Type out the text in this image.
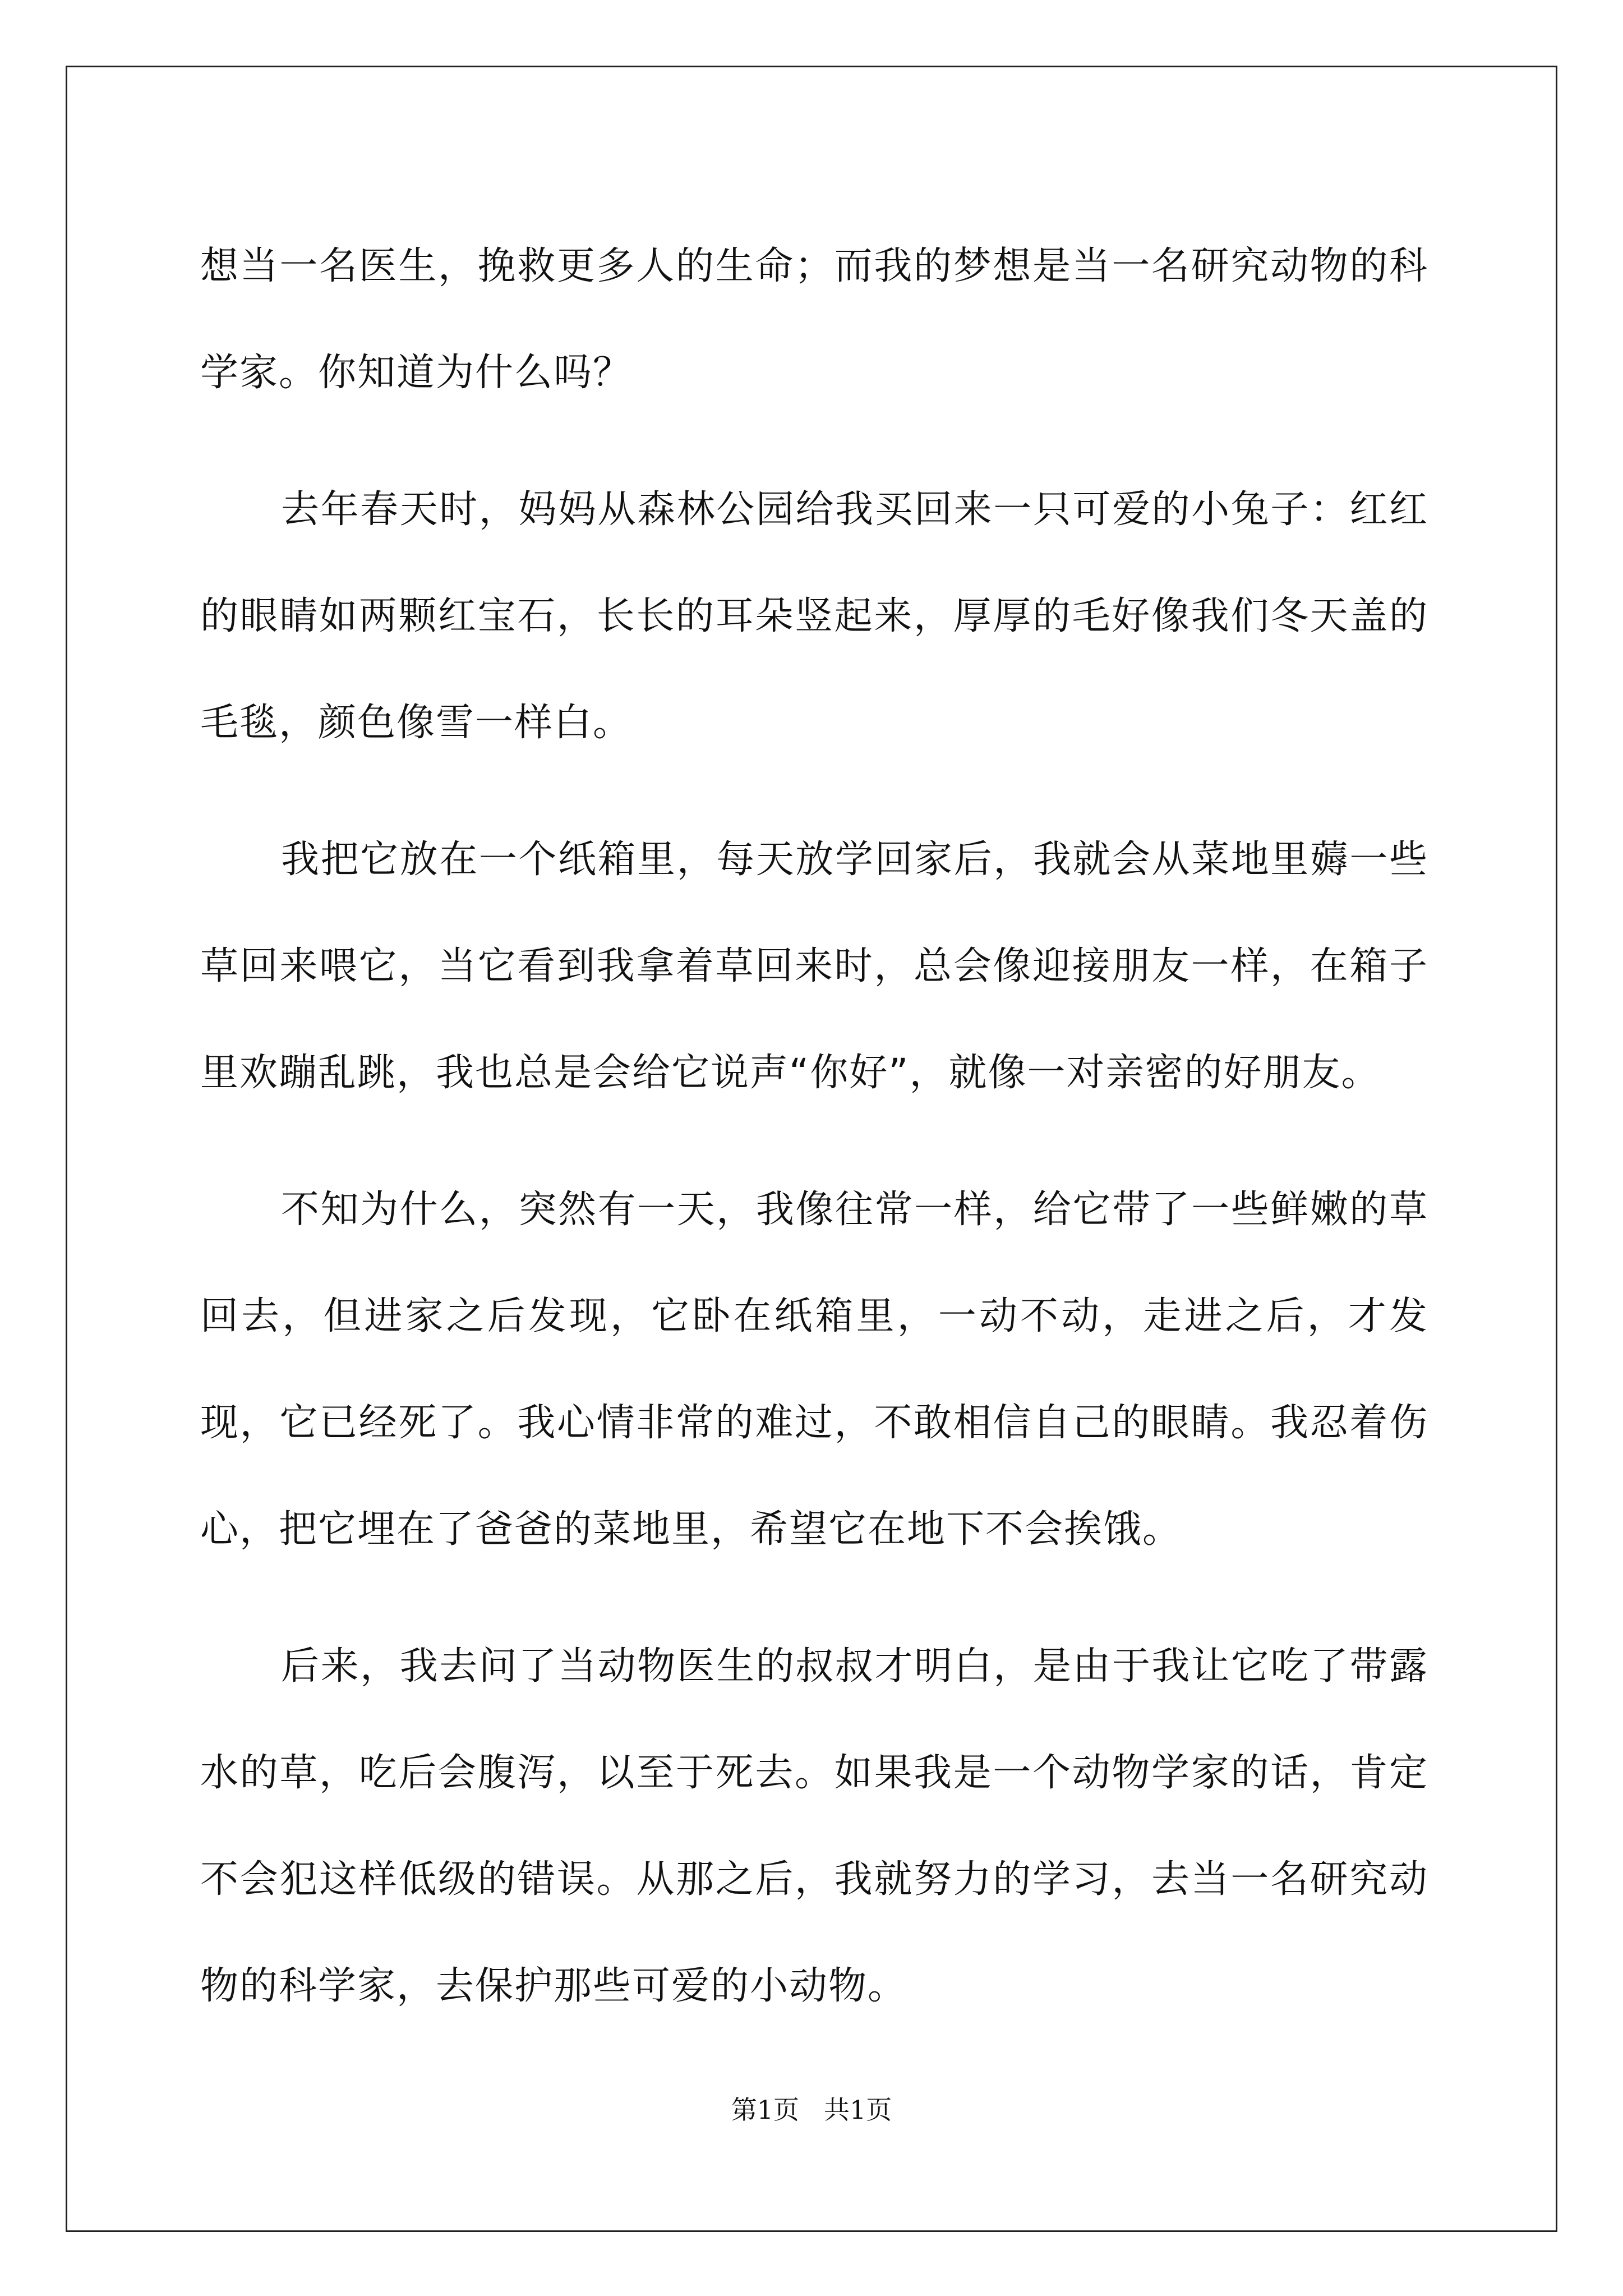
想当一名医生，挽救更多人的生命；而我的梦想是当一名研究动物的科学家。你知道为什么吗？

去年春天时，妈妈从森林公园给我买回来一只可爱的小兔子：红红的眼睛如两颗红宝石，长长的耳朵竖起来，厚厚的毛好像我们冬天盖的毛毯，颜色像雪一样白。

我把它放在一个纸箱里，每天放学回家后，我就会从菜地里薅一些草回来喂它，当它看到我拿着草回来时，总会像迎接朋友一样，在箱子里欢蹦乱跳，我也总是会给它说声“你好”，就像一对亲密的好朋友。

不知为什么，突然有一天，我像往常一样，给它带了一些鲜嫩的草回去，但进家之后发现，它卧在纸箱里，一动不动，走进之后，才发现，它已经死了。我心情非常的难过，不敢相信自己的眼睛。我忍着伤心，把它埋在了爸爸的菜地里，希望它在地下不会挨饿。

后来，我去问了当动物医生的叔叔才明白，是由于我让它吃了带露水的草，吃后会腹泻，以至于死去。如果我是一个动物学家的话，肯定不会犯这样低级的错误。从那之后，我就努力的学习，去当一名研究动物的科学家，去保护那些可爱的小动物。

第1页 共1页
